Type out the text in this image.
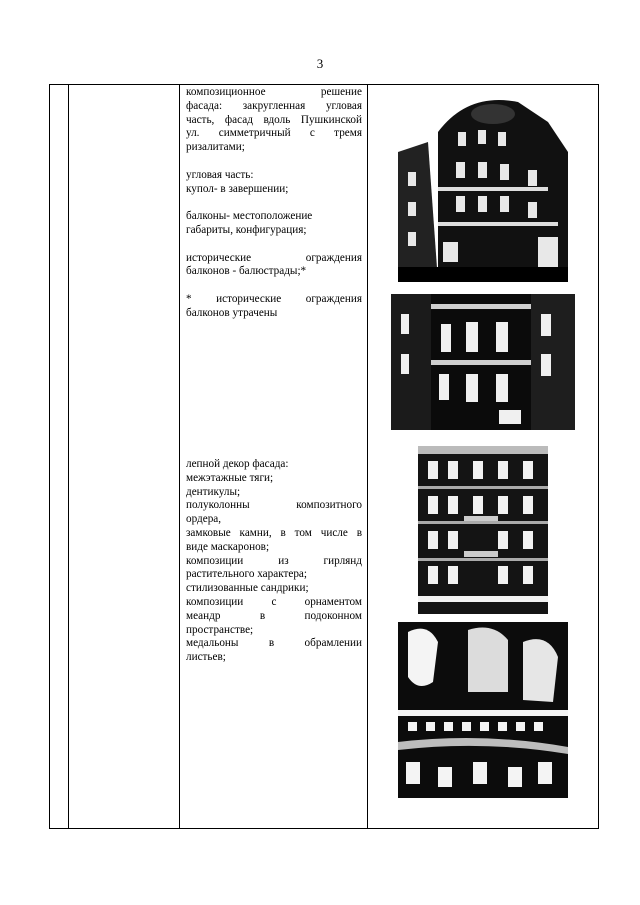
3

композиционное решение

фасада: закругленная угловая

часть, фасад вдоль Пушкинской

ул. симметричный с тремя

ризалитами;

угловая часть:

купол- в завершении;

балконы- местоположение

габариты, конфигурация;

исторические ограждения

балконов - балюстрады;*

* исторические ограждения

балконов утрачены

лепной декор фасада:

межэтажные тяги;

дентикулы;

полуколонны композитного

ордера,

замковые камни, в том числе в

виде маскаронов;

композиции из гирлянд

растительного характера;

стилизованные сандрики;

композиции с орнаментом

меандр в подоконном

пространстве;

медальоны в обрамлении

листьев;
